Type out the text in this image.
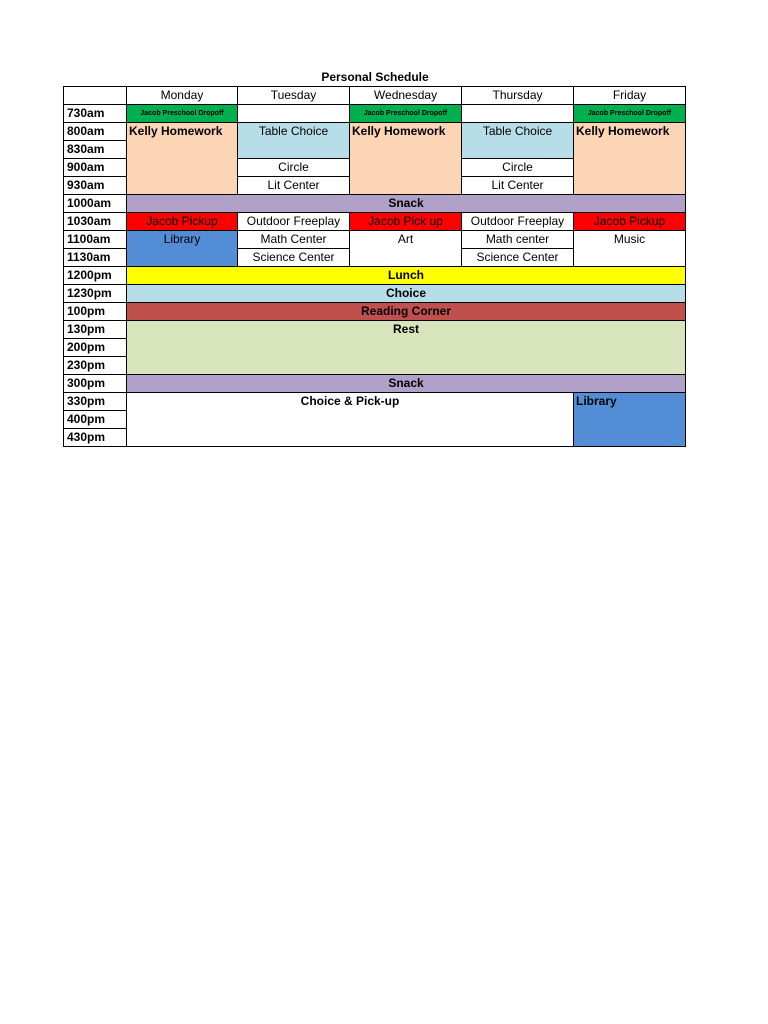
Personal Schedule
	Monday	Tuesday	Wednesday	Thursday	Friday
730am	Jacob Preschool Dropoff		Jacob Preschool Dropoff		Jacob Preschool Dropoff
800am	Kelly Homework	Table Choice	Kelly Homework	Table Choice	Kelly Homework
830am					
900am		Circle		Circle	
930am		Lit Center		Lit Center	
1000am	Snack				
1030am	Jacob Pickup	Outdoor Freeplay	Jacob Pick up	Outdoor Freeplay	Jacob Pickup
1100am	Library	Math Center	Art	Math center	Music
1130am		Science Center		Science Center	
1200pm	Lunch				
1230pm	Choice				
100pm	Reading Corner				
130pm	Rest				
200pm					
230pm					
300pm	Snack				
330pm	Choice & Pick-up				Library
400pm					
430pm					
